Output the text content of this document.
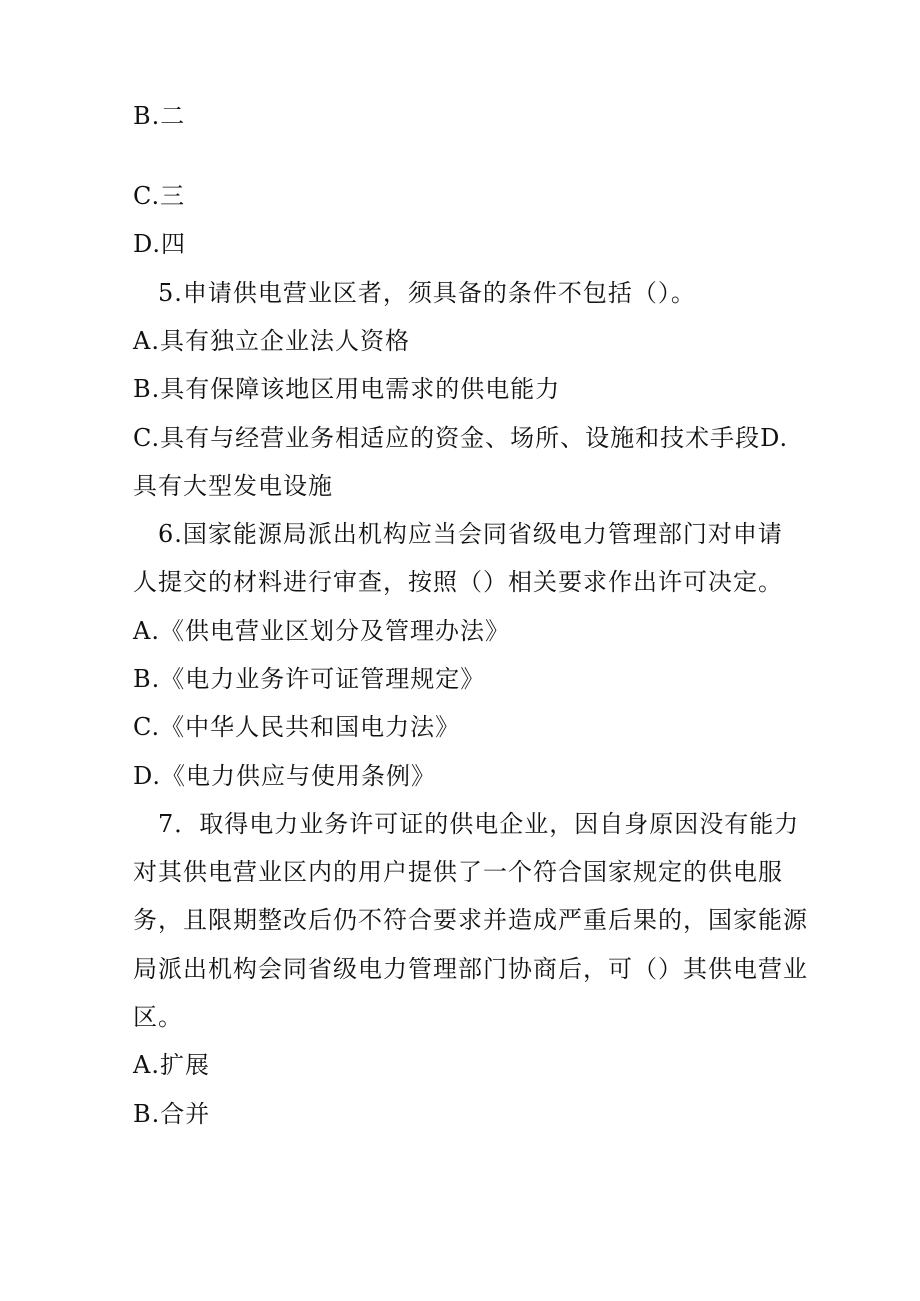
B.二
C.三
D.四
5.申请供电营业区者，须具备的条件不包括（）。
A.具有独立企业法人资格
B.具有保障该地区用电需求的供电能力
C.具有与经营业务相适应的资金、场所、设施和技术手段D.
具有大型发电设施
6.国家能源局派出机构应当会同省级电力管理部门对申请
人提交的材料进行审查，按照（）相关要求作出许可决定。
A.《供电营业区划分及管理办法》
B.《电力业务许可证管理规定》
C.《中华人民共和国电力法》
D.《电力供应与使用条例》
7．取得电力业务许可证的供电企业，因自身原因没有能力
对其供电营业区内的用户提供了一个符合国家规定的供电服
务，且限期整改后仍不符合要求并造成严重后果的，国家能源
局派出机构会同省级电力管理部门协商后，可（）其供电营业
区。
A.扩展
B.合并
